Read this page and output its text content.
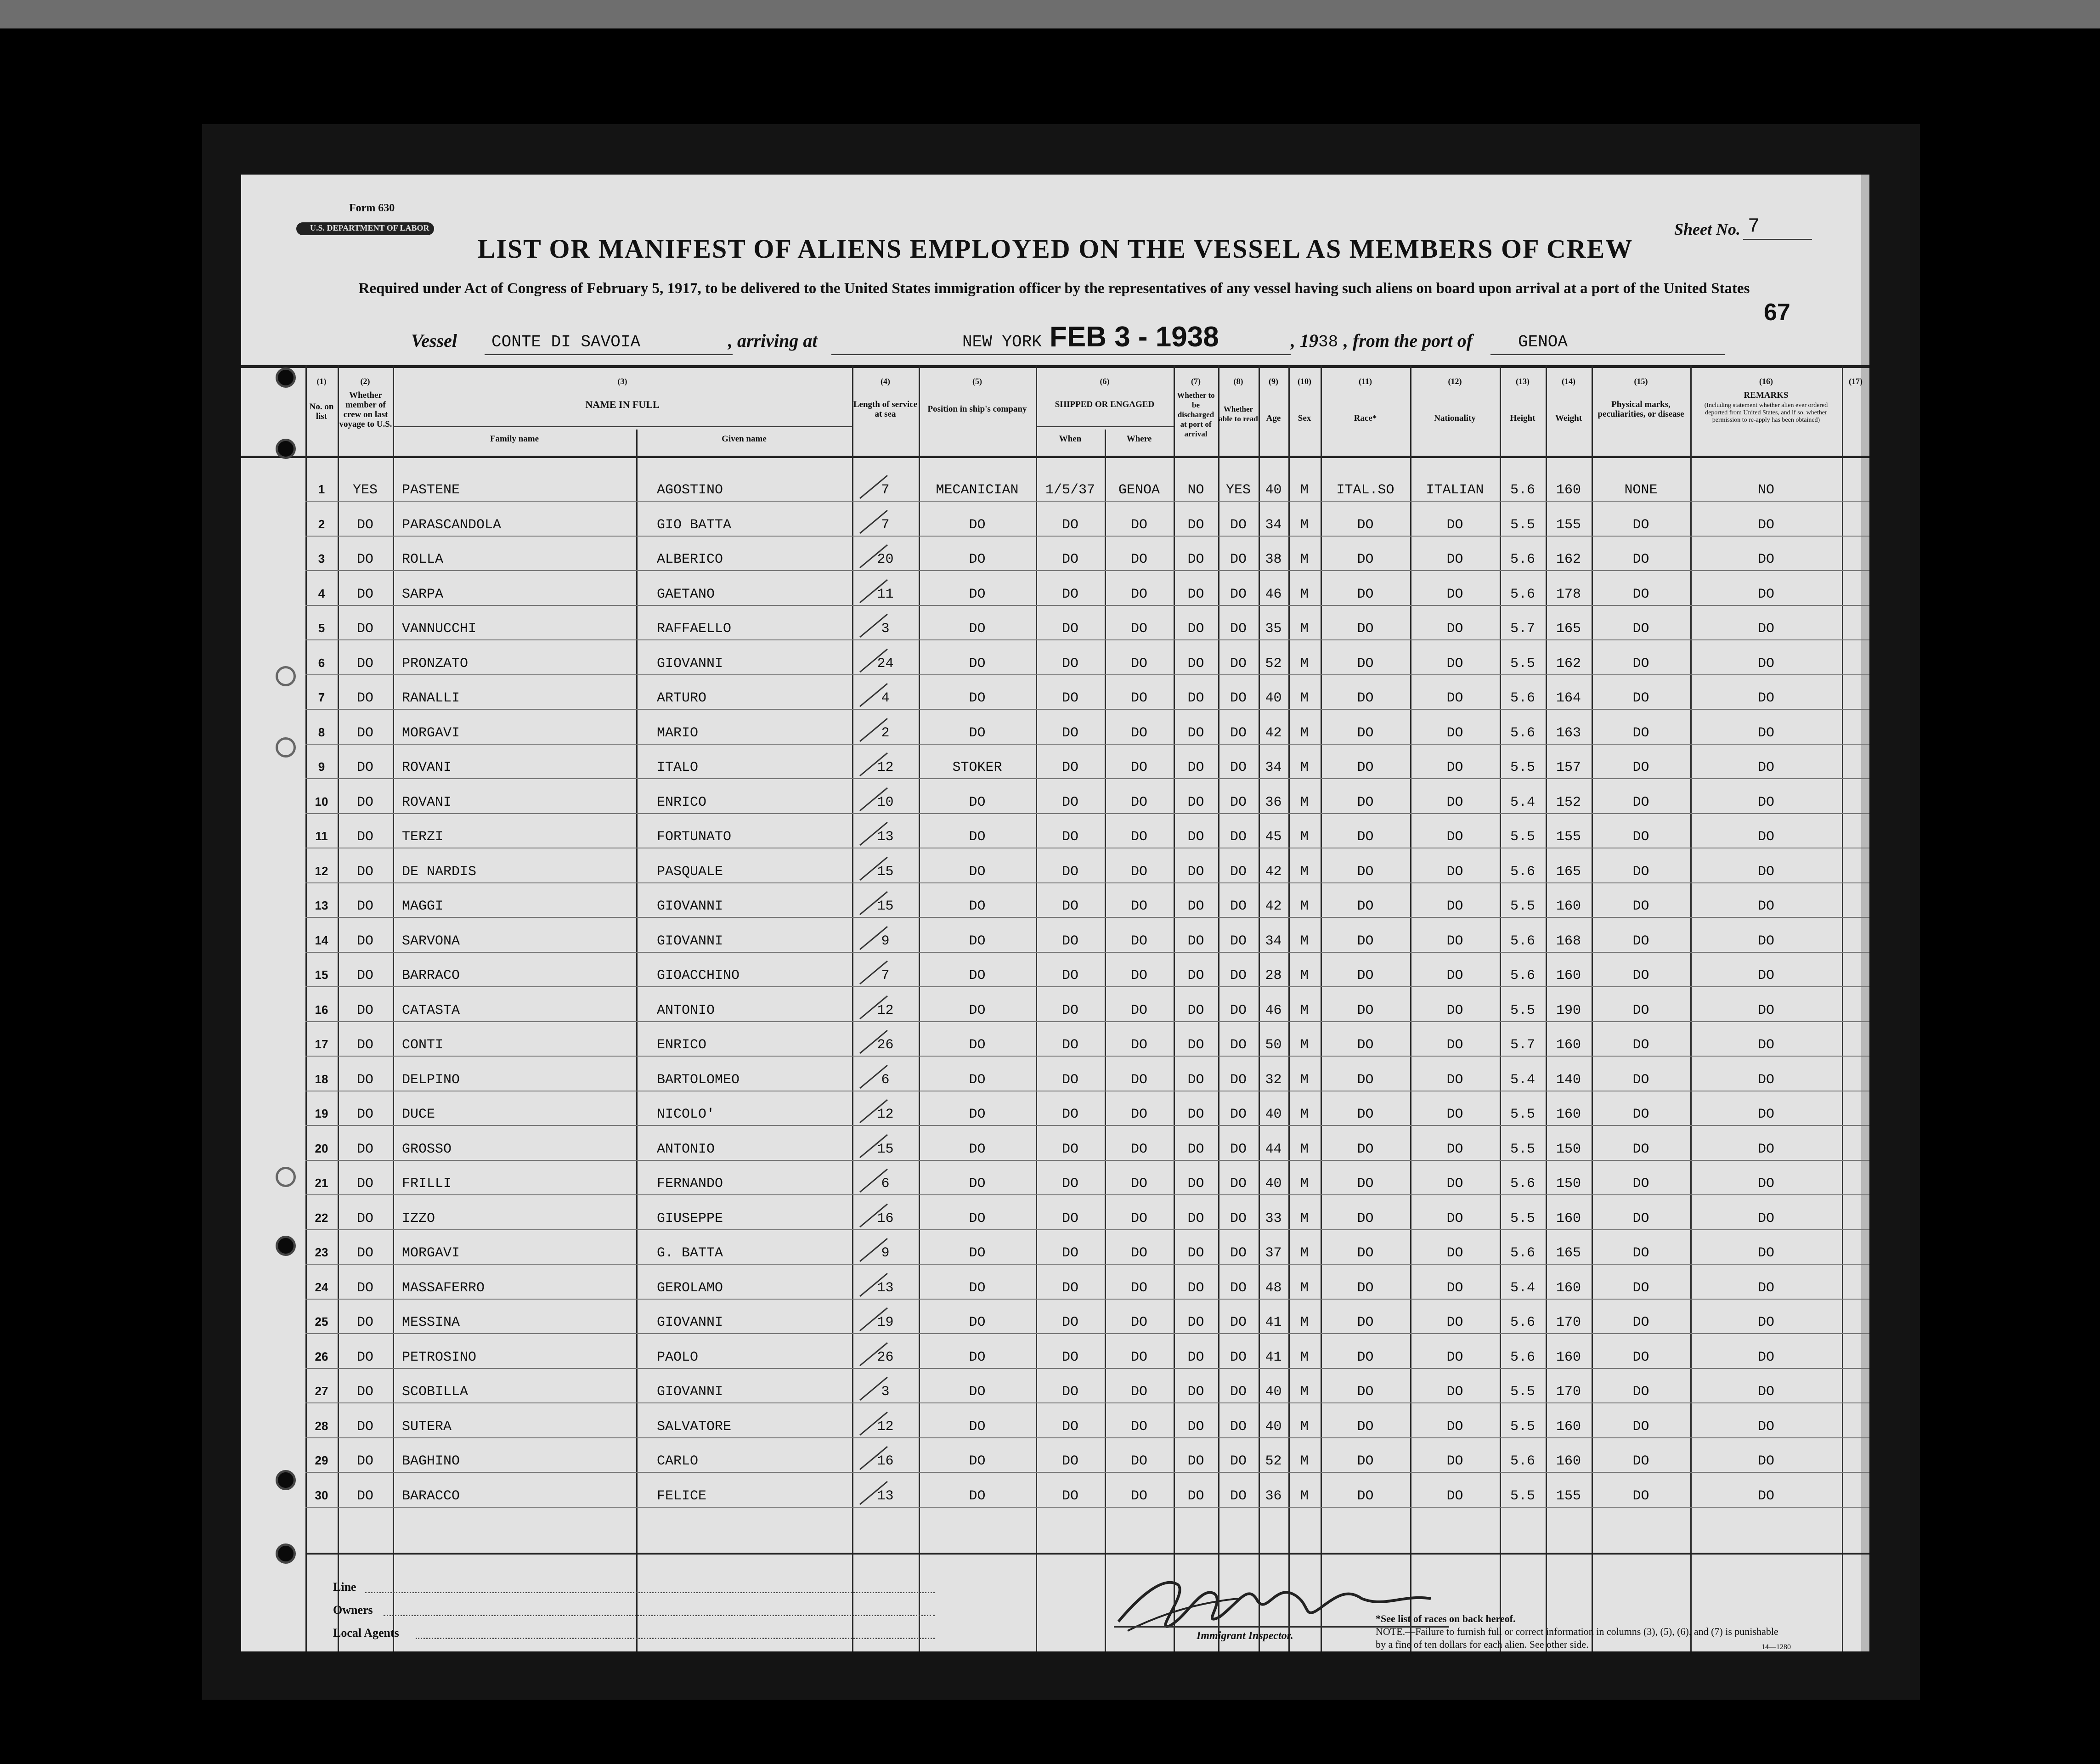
Form 630
U.S. DEPARTMENT OF LABOR	Sheet No. 7
LIST OR MANIFEST OF ALIENS EMPLOYED ON THE VESSEL AS MEMBERS OF CREW
Required under Act of Congress of February 5, 1917, to be delivered to the United States immigration officer by the representatives of any vessel having such aliens on board upon arrival at a port of the United States
67
Vessel CONTE DI SAVOIA	, arriving at	NEW YORK FEB 3 - 1938	, 19 38 , from the port of	GENOA
(1)
No. on list
(2)
Whether member of crew on last voyage to U.S.
(3)
NAME IN FULL
Family name	Given name
(4)
Length of service at sea
(5)
Position in ship's company
(6)
SHIPPED OR ENGAGED
When	Where
(7)
Whether to be discharged at port of arrival
(8)
Whether able to read
(9)
Age
(10)
Sex
(11)
Race*
(12)
Nationality
(13)
Height
(14)
Weight
(15)
Physical marks, peculiarities, or disease
(16)
REMARKS
(Including statement whether alien ever ordered deported from United States, and if so, whether permission to re-apply has been obtained)
(17)
1	YES	PASTENE	AGOSTINO	7	MECANICIAN	1/5/37	GENOA	NO	YES	40	M	ITAL.SO	ITALIAN	5.6	160	NONE	NO
2	DO	PARASCANDOLA	GIO BATTA	7	DO	DO	DO	DO	DO	34	M	DO	DO	5.5	155	DO	DO
3	DO	ROLLA	ALBERICO	20	DO	DO	DO	DO	DO	38	M	DO	DO	5.6	162	DO	DO
4	DO	SARPA	GAETANO	11	DO	DO	DO	DO	DO	46	M	DO	DO	5.6	178	DO	DO
5	DO	VANNUCCHI	RAFFAELLO	3	DO	DO	DO	DO	DO	35	M	DO	DO	5.7	165	DO	DO
6	DO	PRONZATO	GIOVANNI	24	DO	DO	DO	DO	DO	52	M	DO	DO	5.5	162	DO	DO
7	DO	RANALLI	ARTURO	4	DO	DO	DO	DO	DO	40	M	DO	DO	5.6	164	DO	DO
8	DO	MORGAVI	MARIO	2	DO	DO	DO	DO	DO	42	M	DO	DO	5.6	163	DO	DO
9	DO	ROVANI	ITALO	12	STOKER	DO	DO	DO	DO	34	M	DO	DO	5.5	157	DO	DO
10	DO	ROVANI	ENRICO	10	DO	DO	DO	DO	DO	36	M	DO	DO	5.4	152	DO	DO
11	DO	TERZI	FORTUNATO	13	DO	DO	DO	DO	DO	45	M	DO	DO	5.5	155	DO	DO
12	DO	DE NARDIS	PASQUALE	15	DO	DO	DO	DO	DO	42	M	DO	DO	5.6	165	DO	DO
13	DO	MAGGI	GIOVANNI	15	DO	DO	DO	DO	DO	42	M	DO	DO	5.5	160	DO	DO
14	DO	SARVONA	GIOVANNI	9	DO	DO	DO	DO	DO	34	M	DO	DO	5.6	168	DO	DO
15	DO	BARRACO	GIOACCHINO	7	DO	DO	DO	DO	DO	28	M	DO	DO	5.6	160	DO	DO
16	DO	CATASTA	ANTONIO	12	DO	DO	DO	DO	DO	46	M	DO	DO	5.5	190	DO	DO
17	DO	CONTI	ENRICO	26	DO	DO	DO	DO	DO	50	M	DO	DO	5.7	160	DO	DO
18	DO	DELPINO	BARTOLOMEO	6	DO	DO	DO	DO	DO	32	M	DO	DO	5.4	140	DO	DO
19	DO	DUCE	NICOLO'	12	DO	DO	DO	DO	DO	40	M	DO	DO	5.5	160	DO	DO
20	DO	GROSSO	ANTONIO	15	DO	DO	DO	DO	DO	44	M	DO	DO	5.5	150	DO	DO
21	DO	FRILLI	FERNANDO	6	DO	DO	DO	DO	DO	40	M	DO	DO	5.6	150	DO	DO
22	DO	IZZO	GIUSEPPE	16	DO	DO	DO	DO	DO	33	M	DO	DO	5.5	160	DO	DO
23	DO	MORGAVI	G. BATTA	9	DO	DO	DO	DO	DO	37	M	DO	DO	5.6	165	DO	DO
24	DO	MASSAFERRO	GEROLAMO	13	DO	DO	DO	DO	DO	48	M	DO	DO	5.4	160	DO	DO
25	DO	MESSINA	GIOVANNI	19	DO	DO	DO	DO	DO	41	M	DO	DO	5.6	170	DO	DO
26	DO	PETROSINO	PAOLO	26	DO	DO	DO	DO	DO	41	M	DO	DO	5.6	160	DO	DO
27	DO	SCOBILLA	GIOVANNI	3	DO	DO	DO	DO	DO	40	M	DO	DO	5.5	170	DO	DO
28	DO	SUTERA	SALVATORE	12	DO	DO	DO	DO	DO	40	M	DO	DO	5.5	160	DO	DO
29	DO	BAGHINO	CARLO	16	DO	DO	DO	DO	DO	52	M	DO	DO	5.6	160	DO	DO
30	DO	BARACCO	FELICE	13	DO	DO	DO	DO	DO	36	M	DO	DO	5.5	155	DO	DO
Line
Owners
Local Agents	Immigrant Inspector.
*See list of races on back hereof.
NOTE.—Failure to furnish full or correct information in columns (3), (5), (6), and (7) is punishable by a fine of ten dollars for each alien. See other side.	14—1280
